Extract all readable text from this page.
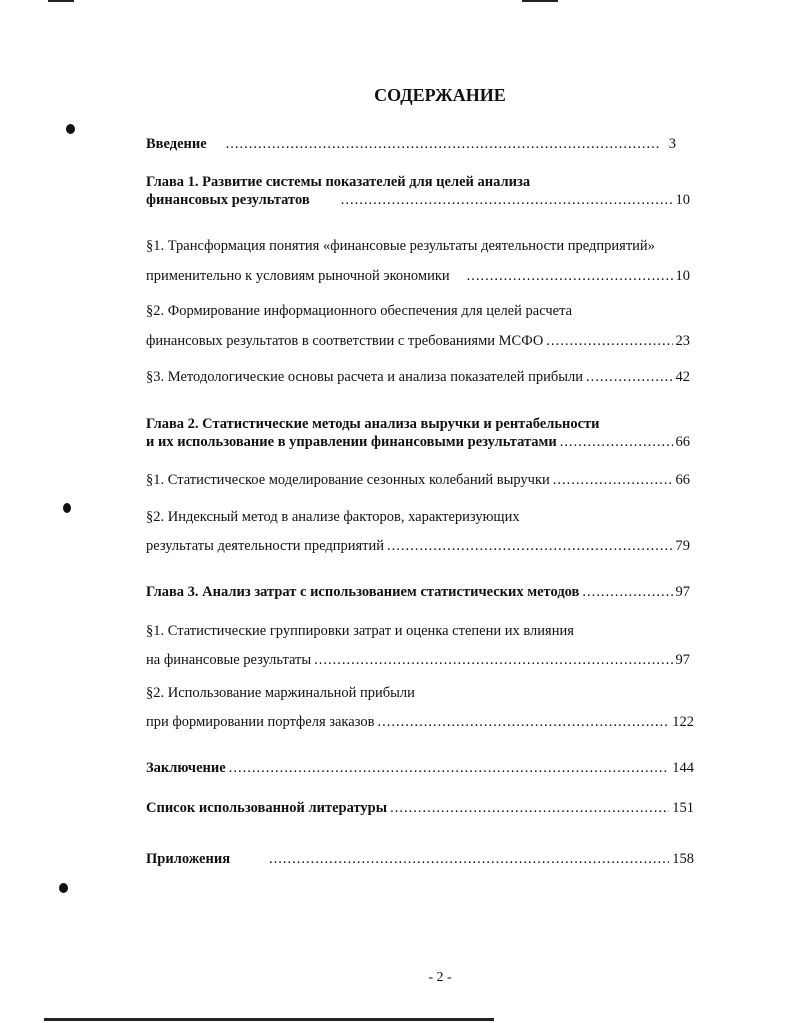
СОДЕРЖАНИЕ
Введение .....	3
Глава 1. Развитие системы показателей для целей анализа
финансовых результатов .....	10
§1. Трансформация понятия «финансовые результаты деятельности предприятий»
применительно к условиям рыночной экономики .....	10
§2. Формирование информационного обеспечения для целей расчета
финансовых результатов в соответствии с требованиями МСФО .....	23
§3. Методологические основы расчета и анализа показателей прибыли .....	42
Глава 2. Статистические методы анализа выручки и рентабельности
и их использование в управлении финансовыми результатами .....	66
§1. Статистическое моделирование сезонных колебаний выручки .....	66
§2. Индексный метод в анализе факторов, характеризующих
результаты деятельности предприятий .....	79
Глава 3. Анализ затрат с использованием статистических методов .....	97
§1. Статистические группировки затрат и оценка степени их влияния
на финансовые результаты .....	97
§2. Использование маржинальной прибыли
при формировании портфеля заказов .....	122
Заключение .....	144
Список использованной литературы .....	151
Приложения .....	158
- 2 -
